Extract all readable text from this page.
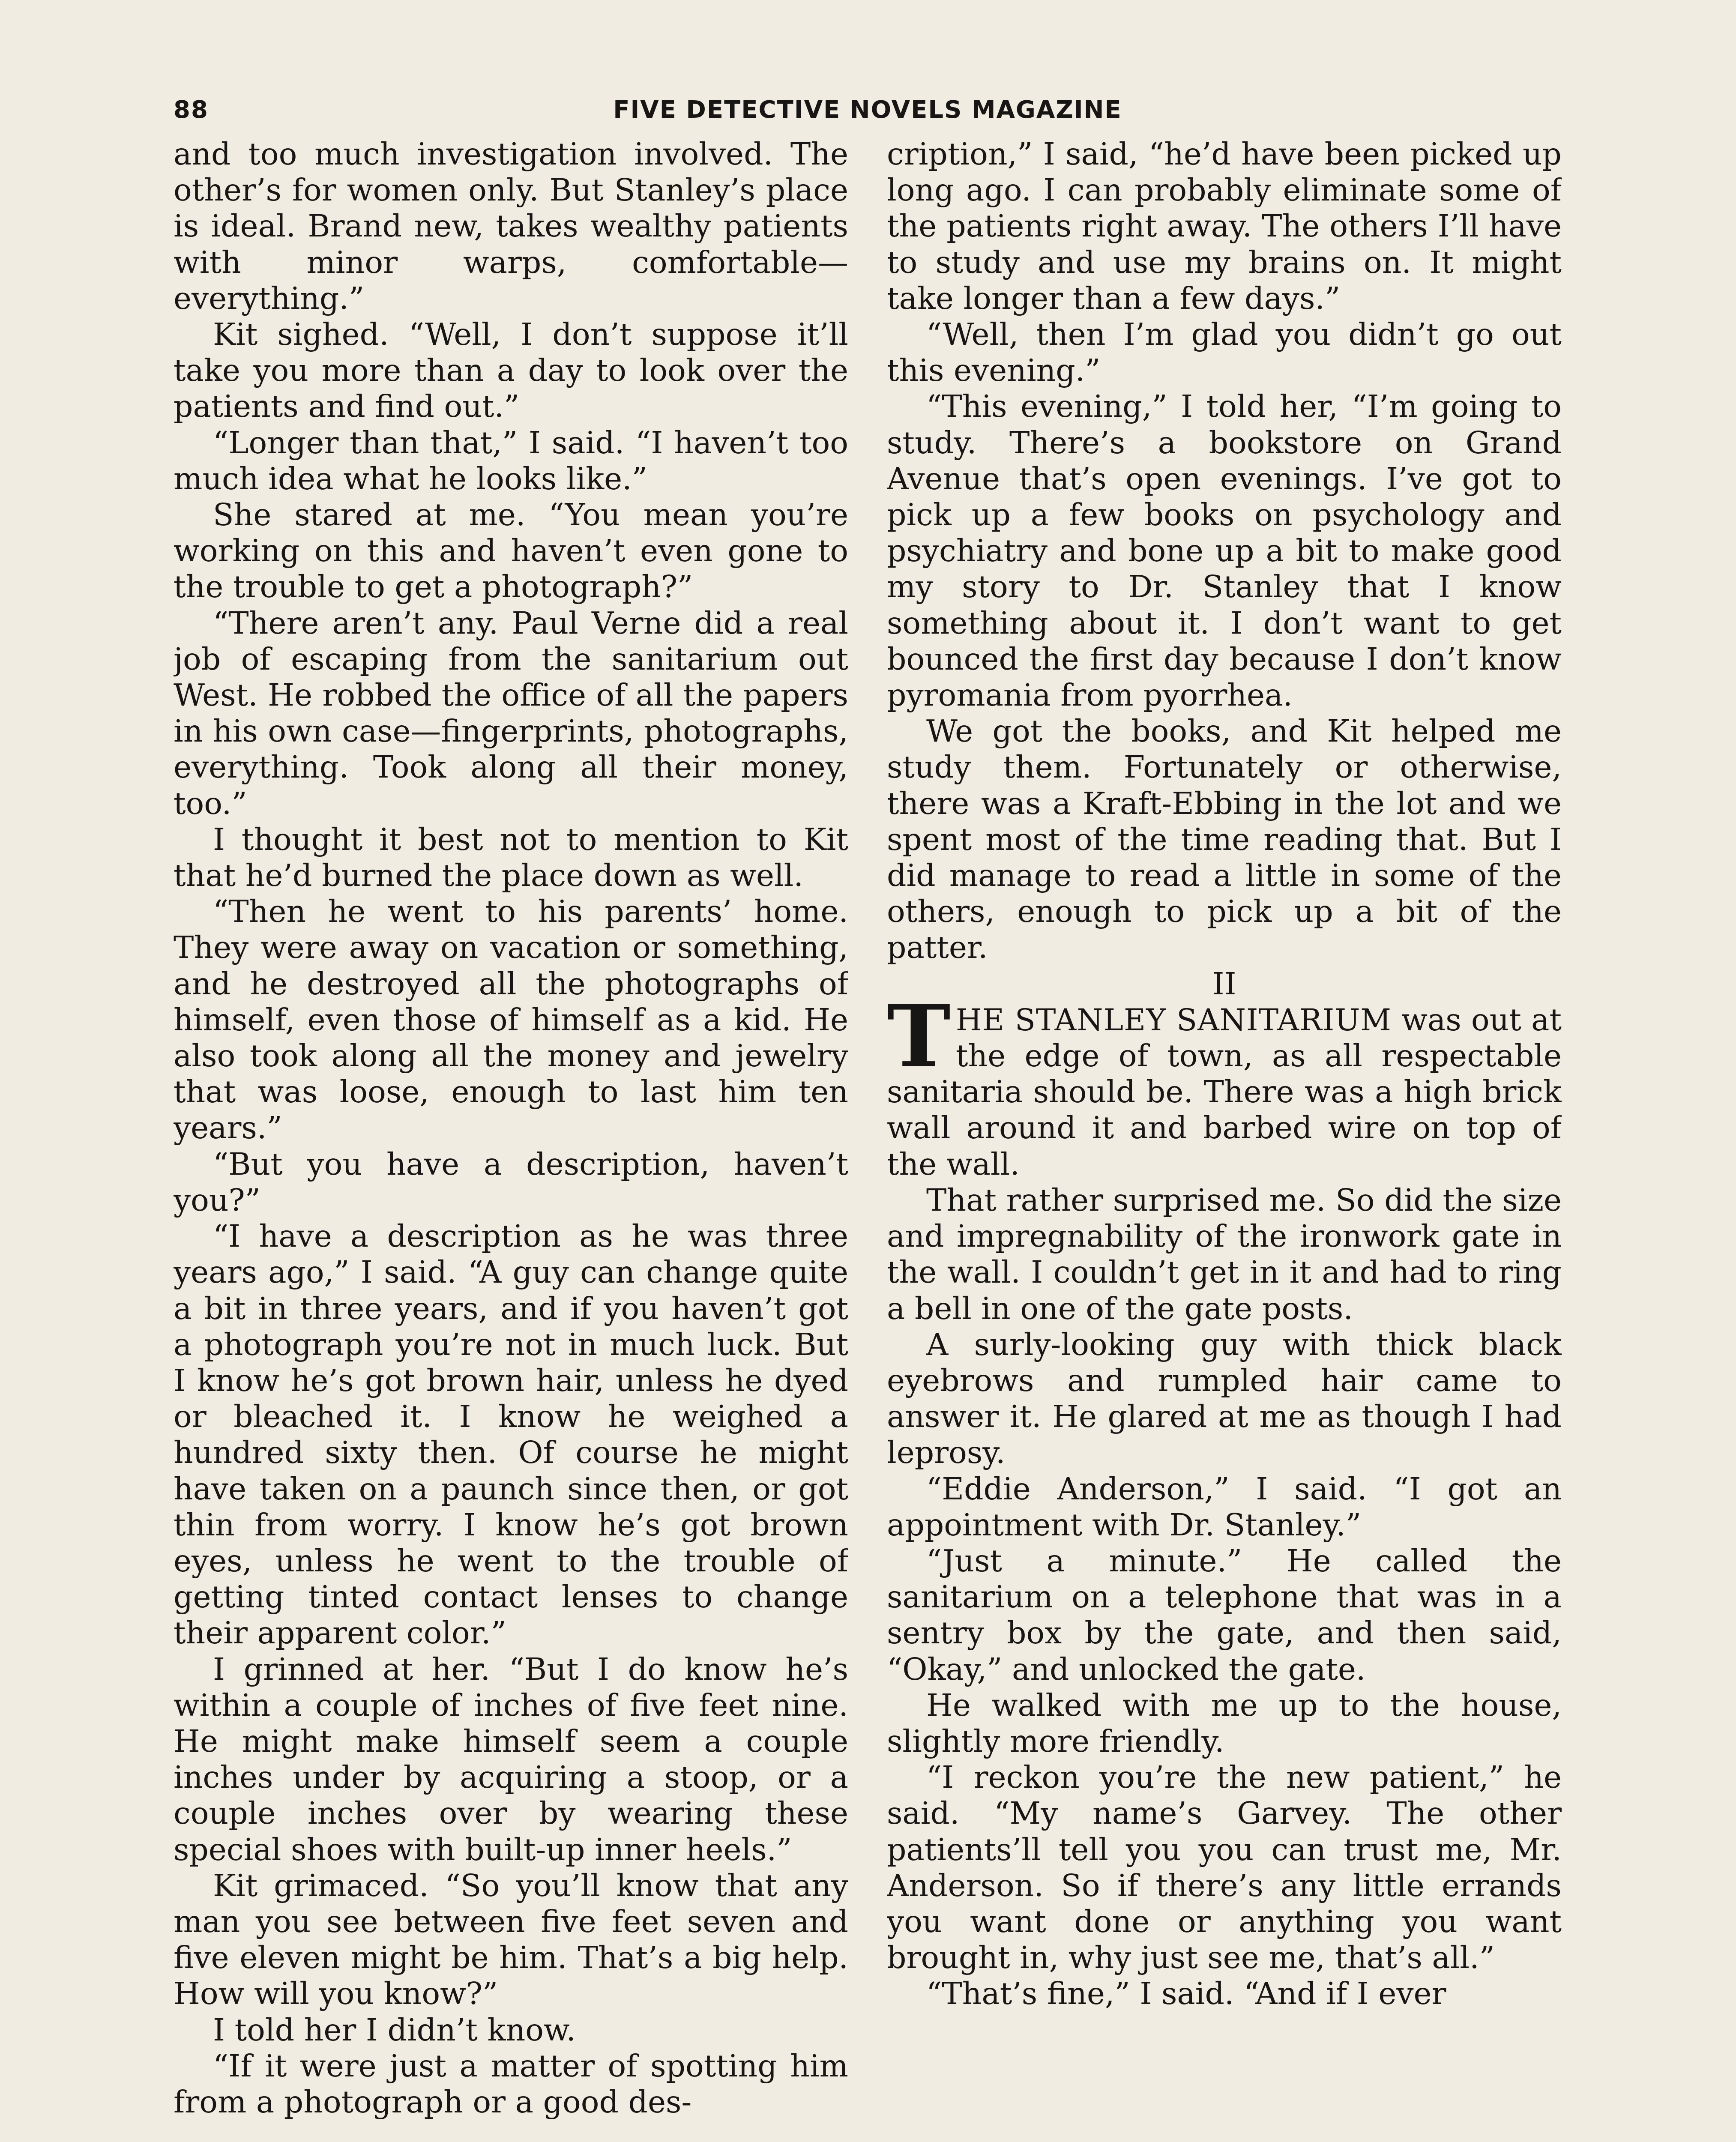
88	FIVE DETECTIVE NOVELS MAGAZINE

and too much investigation involved. The other’s for women only. But Stanley’s place is ideal. Brand new, takes wealthy patients with minor warps, comfortable—everything.”

Kit sighed. “Well, I don’t suppose it’ll take you more than a day to look over the patients and find out.”

“Longer than that,” I said. “I haven’t too much idea what he looks like.”

She stared at me. “You mean you’re working on this and haven’t even gone to the trouble to get a photograph?”

“There aren’t any. Paul Verne did a real job of escaping from the sanitarium out West. He robbed the office of all the papers in his own case—fingerprints, photographs, everything. Took along all their money, too.”

I thought it best not to mention to Kit that he’d burned the place down as well.

“Then he went to his parents’ home. They were away on vacation or something, and he destroyed all the photographs of himself, even those of himself as a kid. He also took along all the money and jewelry that was loose, enough to last him ten years.”

“But you have a description, haven’t you?”

“I have a description as he was three years ago,” I said. “A guy can change quite a bit in three years, and if you haven’t got a photograph you’re not in much luck. But I know he’s got brown hair, unless he dyed or bleached it. I know he weighed a hundred sixty then. Of course he might have taken on a paunch since then, or got thin from worry. I know he’s got brown eyes, unless he went to the trouble of getting tinted contact lenses to change their apparent color.”

I grinned at her. “But I do know he’s within a couple of inches of five feet nine. He might make himself seem a couple inches under by acquiring a stoop, or a couple inches over by wearing these special shoes with built-up inner heels.”

Kit grimaced. “So you’ll know that any man you see between five feet seven and five eleven might be him. That’s a big help. How will you know?”

I told her I didn’t know.

“If it were just a matter of spotting him from a photograph or a good des-

cription,” I said, “he’d have been picked up long ago. I can probably eliminate some of the patients right away. The others I’ll have to study and use my brains on. It might take longer than a few days.”

“Well, then I’m glad you didn’t go out this evening.”

“This evening,” I told her, “I’m going to study. There’s a bookstore on Grand Avenue that’s open evenings. I’ve got to pick up a few books on psychology and psychiatry and bone up a bit to make good my story to Dr. Stanley that I know something about it. I don’t want to get bounced the first day because I don’t know pyromania from pyorrhea.

We got the books, and Kit helped me study them. Fortunately or otherwise, there was a Kraft-Ebbing in the lot and we spent most of the time reading that. But I did manage to read a little in some of the others, enough to pick up a bit of the patter.

II

THE STANLEY SANITARIUM was out at the edge of town, as all respectable sanitaria should be. There was a high brick wall around it and barbed wire on top of the wall.

That rather surprised me. So did the size and impregnability of the ironwork gate in the wall. I couldn’t get in it and had to ring a bell in one of the gate posts.

A surly-looking guy with thick black eyebrows and rumpled hair came to answer it. He glared at me as though I had leprosy.

“Eddie Anderson,” I said. “I got an appointment with Dr. Stanley.”

“Just a minute.” He called the sanitarium on a telephone that was in a sentry box by the gate, and then said, “Okay,” and unlocked the gate.

He walked with me up to the house, slightly more friendly.

“I reckon you’re the new patient,” he said. “My name’s Garvey. The other patients’ll tell you you can trust me, Mr. Anderson. So if there’s any little errands you want done or anything you want brought in, why just see me, that’s all.”

“That’s fine,” I said. “And if I ever
